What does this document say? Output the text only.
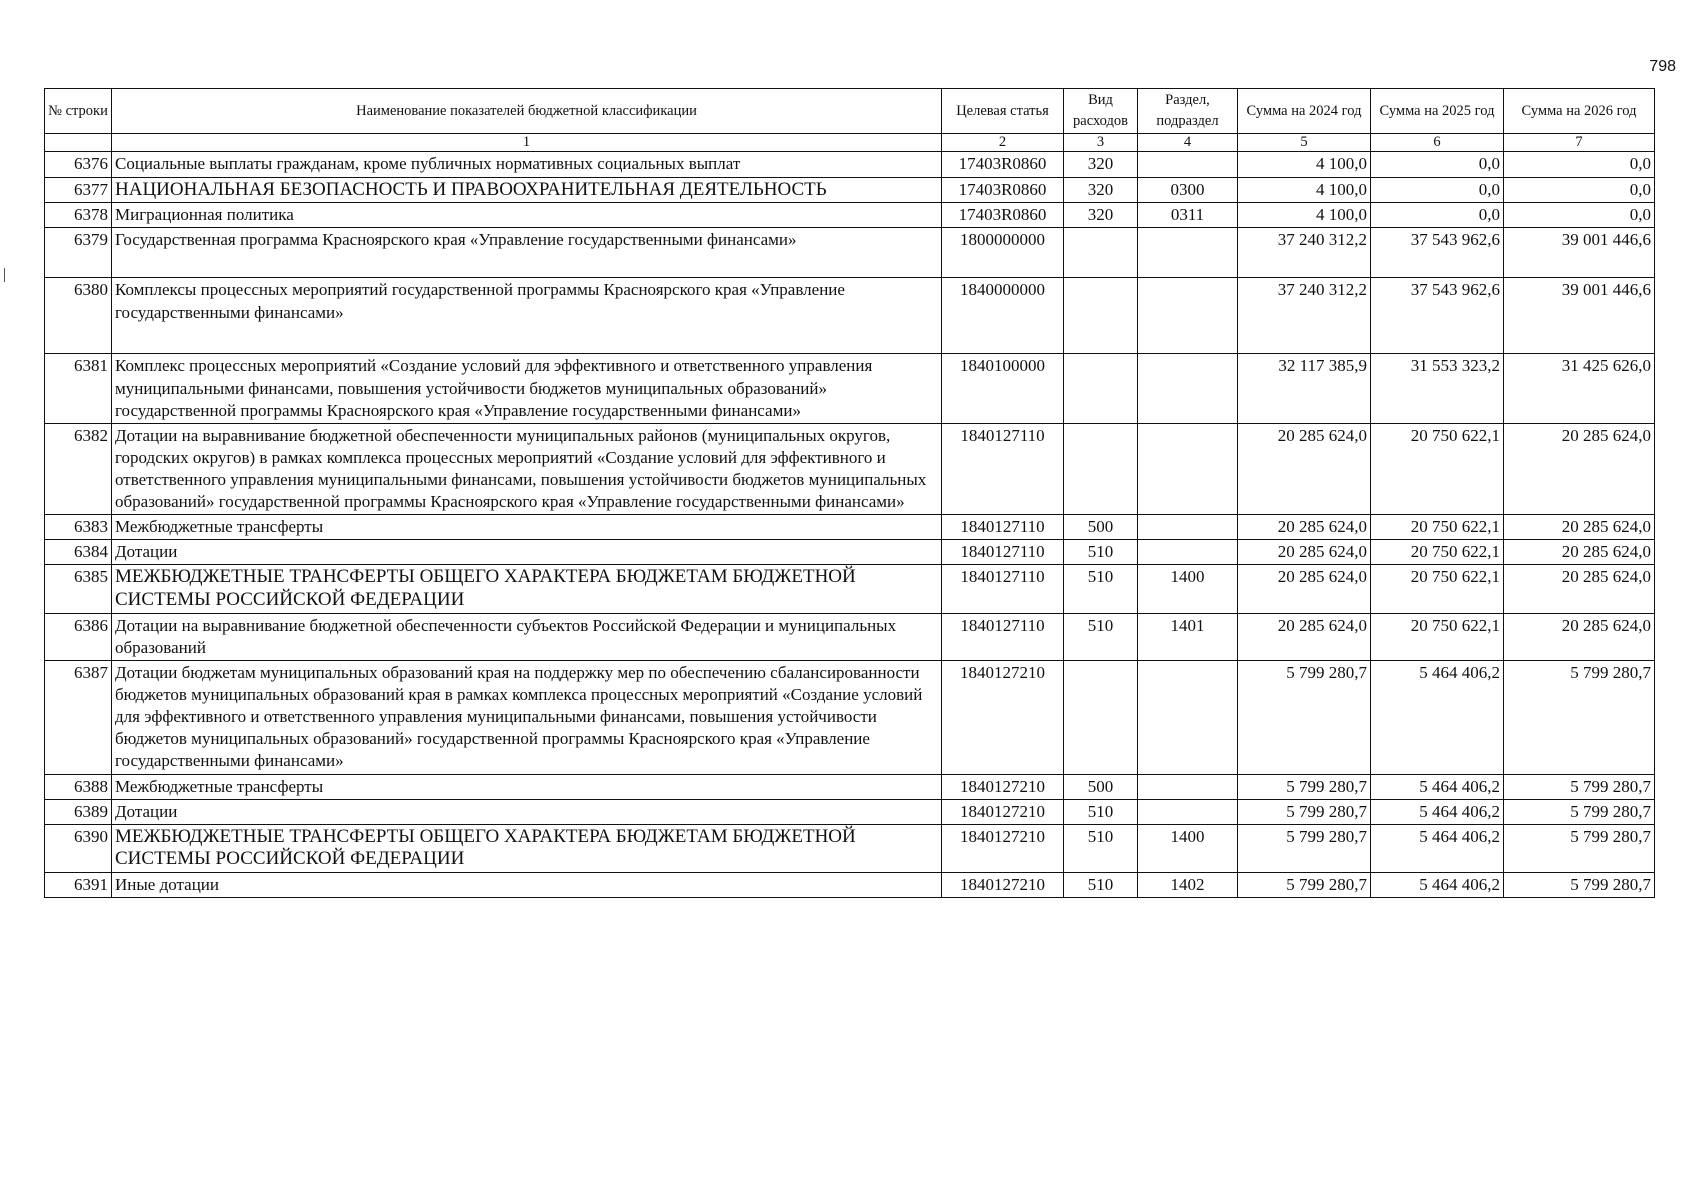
798
№ строки	Наименование показателей бюджетной классификации	Целевая статья	Вид расходов	Раздел, подраздел	Сумма на 2024 год	Сумма на 2025 год	Сумма на 2026 год
	1	2	3	4	5	6	7
6376	Социальные выплаты гражданам, кроме публичных нормативных социальных выплат	17403R0860	320		4 100,0	0,0	0,0
6377	НАЦИОНАЛЬНАЯ БЕЗОПАСНОСТЬ И ПРАВООХРАНИТЕЛЬНАЯ ДЕЯТЕЛЬНОСТЬ	17403R0860	320	0300	4 100,0	0,0	0,0
6378	Миграционная политика	17403R0860	320	0311	4 100,0	0,0	0,0
6379	Государственная программа Красноярского края «Управление государственными финансами»	1800000000			37 240 312,2	37 543 962,6	39 001 446,6
6380	Комплексы процессных мероприятий государственной программы Красноярского края «Управление государственными финансами»	1840000000			37 240 312,2	37 543 962,6	39 001 446,6
6381	Комплекс процессных мероприятий «Создание условий для эффективного и ответственного управления муниципальными финансами, повышения устойчивости бюджетов муниципальных образований» государственной программы Красноярского края «Управление государственными финансами»	1840100000			32 117 385,9	31 553 323,2	31 425 626,0
6382	Дотации на выравнивание бюджетной обеспеченности муниципальных районов (муниципальных округов, городских округов) в рамках комплекса процессных мероприятий «Создание условий для эффективного и ответственного управления муниципальными финансами, повышения устойчивости бюджетов муниципальных образований» государственной программы Красноярского края «Управление государственными финансами»	1840127110			20 285 624,0	20 750 622,1	20 285 624,0
6383	Межбюджетные трансферты	1840127110	500		20 285 624,0	20 750 622,1	20 285 624,0
6384	Дотации	1840127110	510		20 285 624,0	20 750 622,1	20 285 624,0
6385	МЕЖБЮДЖЕТНЫЕ ТРАНСФЕРТЫ ОБЩЕГО ХАРАКТЕРА БЮДЖЕТАМ БЮДЖЕТНОЙ СИСТЕМЫ РОССИЙСКОЙ ФЕДЕРАЦИИ	1840127110	510	1400	20 285 624,0	20 750 622,1	20 285 624,0
6386	Дотации на выравнивание бюджетной обеспеченности субъектов Российской Федерации и муниципальных образований	1840127110	510	1401	20 285 624,0	20 750 622,1	20 285 624,0
6387	Дотации бюджетам муниципальных образований края на поддержку мер по обеспечению сбалансированности бюджетов муниципальных образований края в рамках комплекса процессных мероприятий «Создание условий для эффективного и ответственного управления муниципальными финансами, повышения устойчивости бюджетов муниципальных образований» государственной программы Красноярского края «Управление государственными финансами»	1840127210			5 799 280,7	5 464 406,2	5 799 280,7
6388	Межбюджетные трансферты	1840127210	500		5 799 280,7	5 464 406,2	5 799 280,7
6389	Дотации	1840127210	510		5 799 280,7	5 464 406,2	5 799 280,7
6390	МЕЖБЮДЖЕТНЫЕ ТРАНСФЕРТЫ ОБЩЕГО ХАРАКТЕРА БЮДЖЕТАМ БЮДЖЕТНОЙ СИСТЕМЫ РОССИЙСКОЙ ФЕДЕРАЦИИ	1840127210	510	1400	5 799 280,7	5 464 406,2	5 799 280,7
6391	Иные дотации	1840127210	510	1402	5 799 280,7	5 464 406,2	5 799 280,7
